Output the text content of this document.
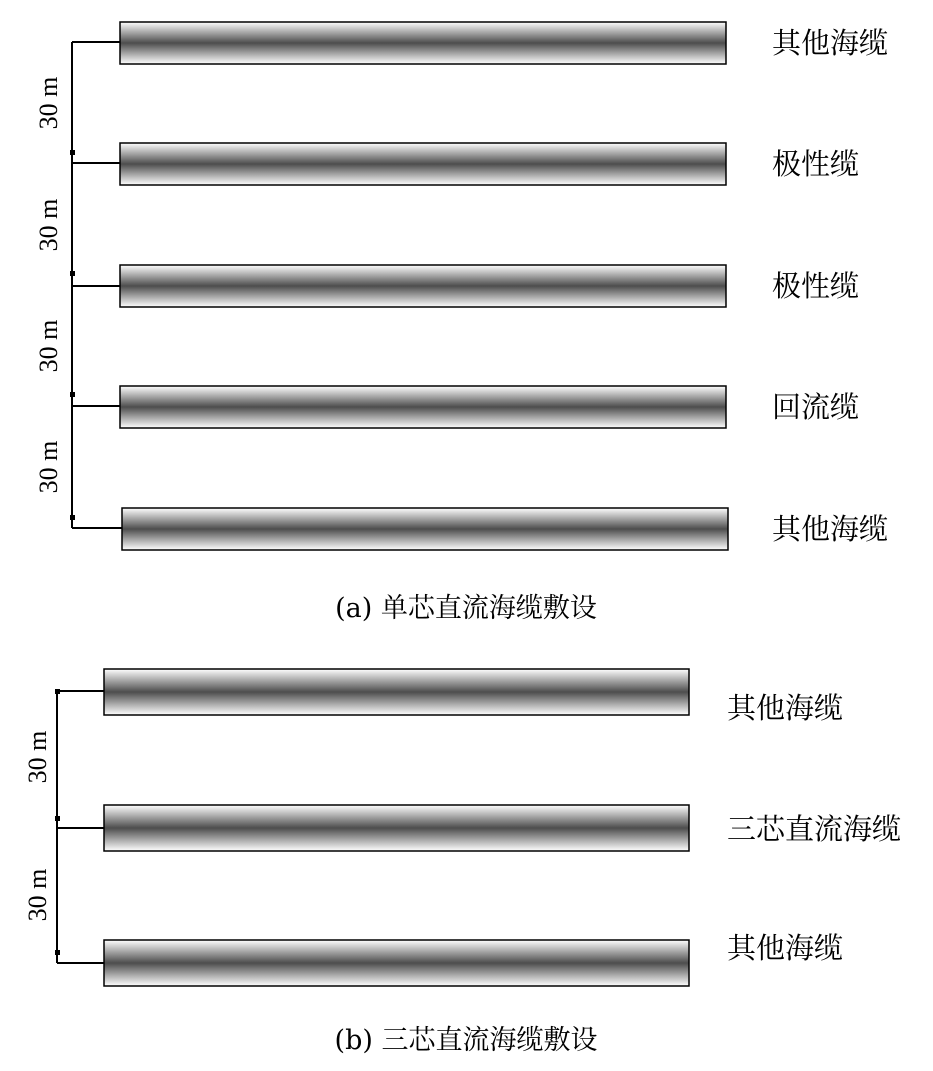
其他海缆
极性缆
极性缆
回流缆
其他海缆
30 m
30 m
30 m
30 m
(a) 单芯直流海缆敷设
其他海缆
三芯直流海缆
其他海缆
30 m
30 m
(b) 三芯直流海缆敷设
